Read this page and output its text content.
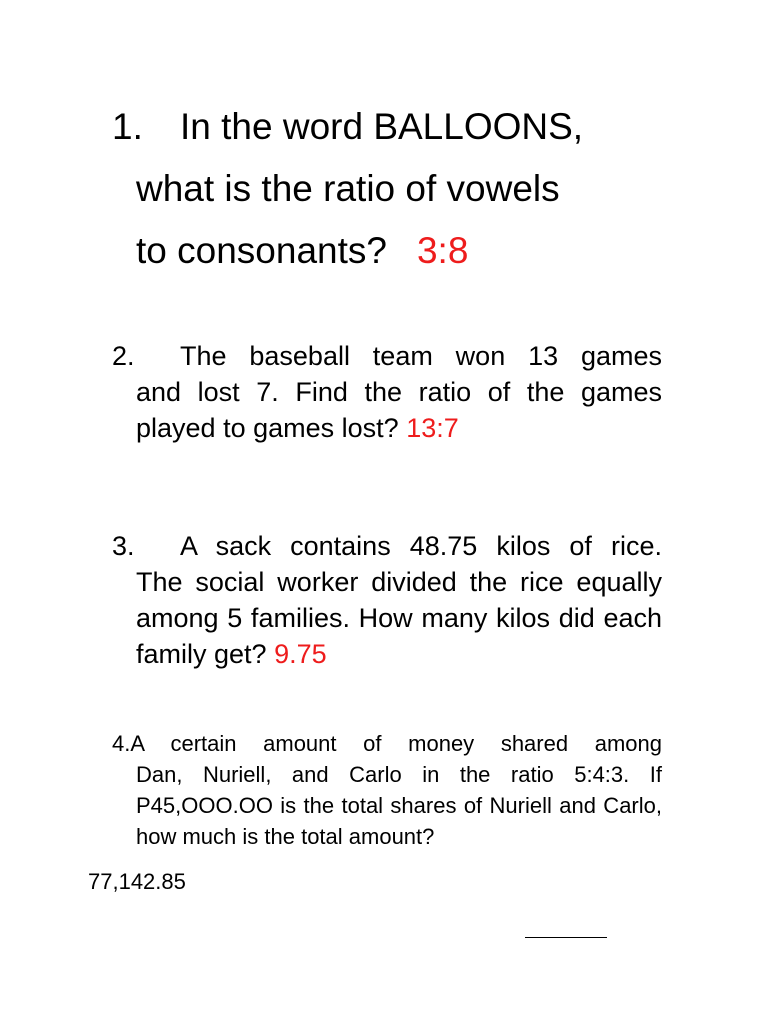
1.	In the word BALLOONS,
what is the ratio of vowels
to consonants? 3:8
2.	The baseball team won 13 games
and lost 7. Find the ratio of the games played to games lost? 13:7
3.	A sack contains 48.75 kilos of rice.
The social worker divided the rice equally among 5 families. How many kilos did each family get? 9.75
4. A certain amount of money shared among
Dan, Nuriell, and Carlo in the ratio 5:4:3. If P45,OOO.OO is the total shares of Nuriell and Carlo, how much is the total amount?
77,142.85
